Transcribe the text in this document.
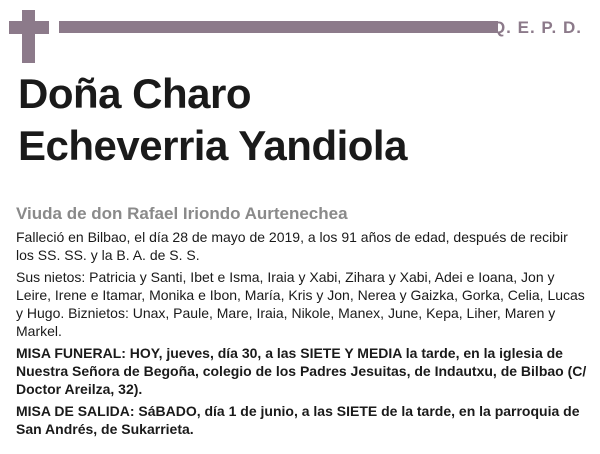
Q. E. P. D.
Doña Charo
Echeverria Yandiola
Viuda de don Rafael Iriondo Aurtenechea

Falleció en Bilbao, el día 28 de mayo de 2019, a los 91 años de edad, después de recibir los SS. SS. y la B. A. de S. S.

Sus nietos: Patricia y Santi, Ibet e Isma, Iraia y Xabi, Zihara y Xabi, Adei e Ioana, Jon y Leire, Irene e Itamar, Monika e Ibon, María, Kris y Jon, Nerea y Gaizka, Gorka, Celia, Lucas y Hugo. Biznietos: Unax, Paule, Mare, Iraia, Nikole, Manex, June, Kepa, Liher, Maren y Markel.

MISA FUNERAL: HOY, jueves, día 30, a las SIETE Y MEDIA la tarde, en la iglesia de Nuestra Señora de Begoña, colegio de los Padres Jesuitas, de Indautxu, de Bilbao (C/ Doctor Areilza, 32).

MISA DE SALIDA: SáBADO, día 1 de junio, a las SIETE de la tarde, en la parroquia de San Andrés, de Sukarrieta.
